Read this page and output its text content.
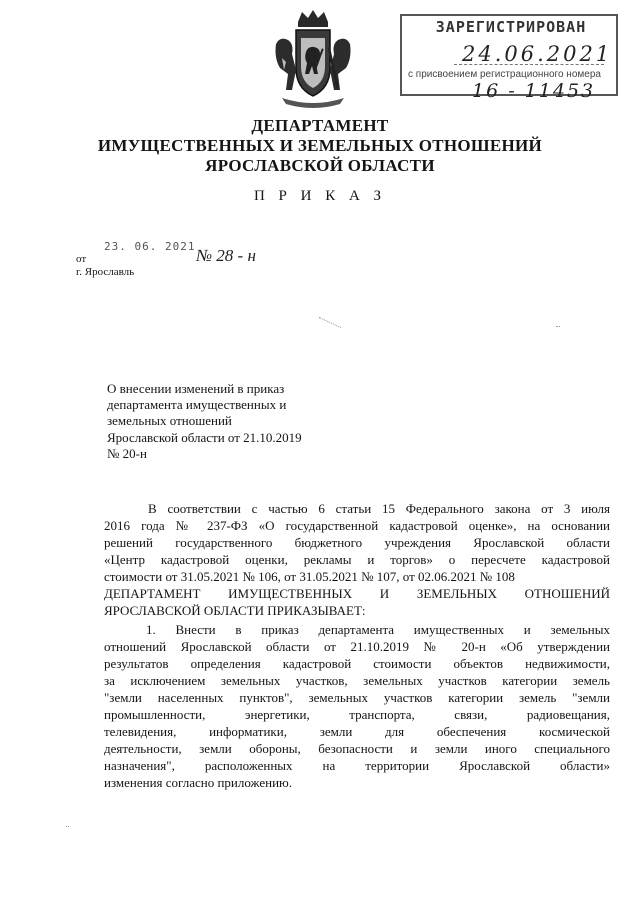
ЗАРЕГИСТРИРОВАН
24.06.2021
с присвоением регистрационного номера
16 - 11453
ДЕПАРТАМЕНТ
ИМУЩЕСТВЕННЫХ И ЗЕМЕЛЬНЫХ ОТНОШЕНИЙ
ЯРОСЛАВСКОЙ ОБЛАСТИ
П Р И К А З
23. 06. 2021
от	№ 28 - н
г. Ярославль
О внесении изменений в приказ
департамента имущественных и
земельных отношений
Ярославской области от 21.10.2019
№ 20-н
В соответствии с частью 6 статьи 15 Федерального закона от 3 июля
2016 года № 237-ФЗ «О государственной кадастровой оценке», на основании
решений государственного бюджетного учреждения Ярославской области
«Центр кадастровой оценки, рекламы и торгов» о пересчете кадастровой
стоимости от 31.05.2021 № 106, от 31.05.2021 № 107, от 02.06.2021 № 108
ДЕПАРТАМЕНТ ИМУЩЕСТВЕННЫХ И ЗЕМЕЛЬНЫХ ОТНОШЕНИЙ
ЯРОСЛАВСКОЙ ОБЛАСТИ ПРИКАЗЫВАЕТ:
1. Внести в приказ департамента имущественных и земельных
отношений Ярославской области от 21.10.2019 № 20-н «Об утверждении
результатов определения кадастровой стоимости объектов недвижимости,
за исключением земельных участков, земельных участков категории земель
"земли населенных пунктов", земельных участков категории земель "земли
промышленности, энергетики, транспорта, связи, радиовещания,
телевидения, информатики, земли для обеспечения космической
деятельности, земли обороны, безопасности и земли иного специального
назначения", расположенных на территории Ярославской области»
изменения согласно приложению.
